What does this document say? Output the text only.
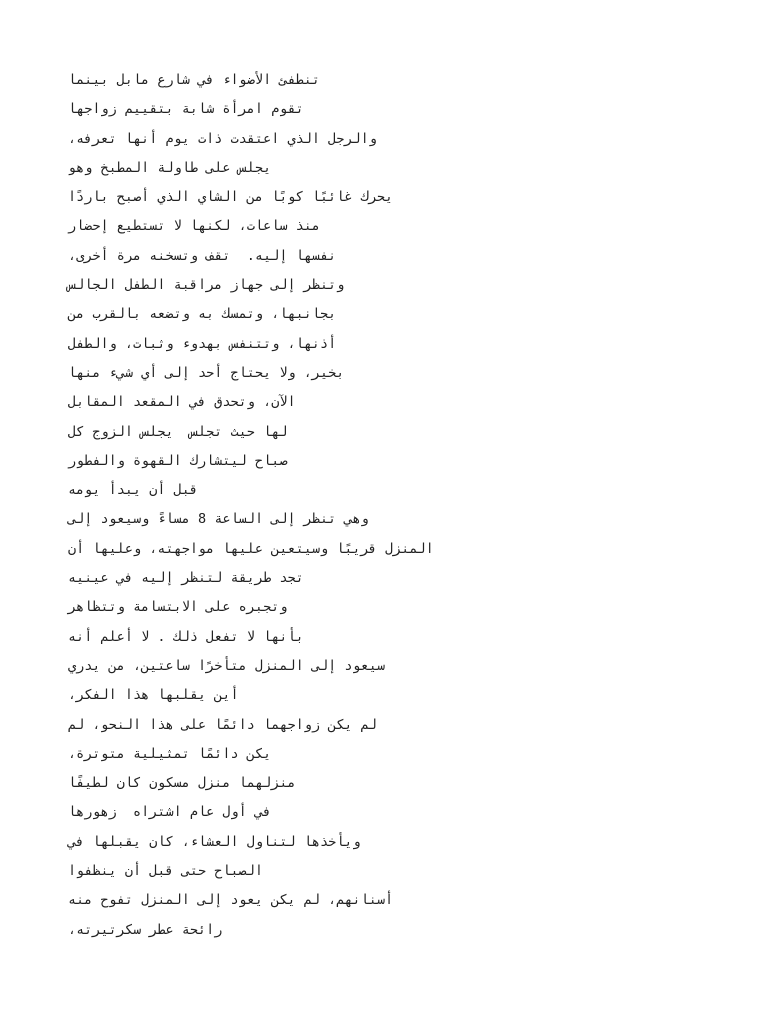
تنطفئ الأضواء في شارع مابل بينما
تقوم امرأة شابة بتقييم زواجها
والرجل الذي اعتقدت ذات يوم أنها تعرفه،
يجلس على طاولة المطبخ وهو
يحرك غائبًا كوبًا من الشاي الذي أصبح باردًا
منذ ساعات، لكنها لا تستطيع إحضار
نفسها إليه.  تقف وتسخنه مرة أخرى،
وتنظر إلى جهاز مراقبة الطفل الجالس
بجانبها، وتمسك به وتضعه بالقرب من
أذنها، وتتنفس بهدوء وثبات، والطفل
بخير، ولا يحتاج أحد إلى أي شيء منها
الآن، وتحدق في المقعد المقابل
لها حيث تجلس  يجلس الزوج كل
صباح ليتشارك القهوة والفطور
قبل أن يبدأ يومه
وهي تنظر إلى الساعة 8 مساءً وسيعود إلى
المنزل قريبًا وسيتعين عليها مواجهته، وعليها أن
تجد طريقة لتنظر إليه في عينيه
وتجبره على الابتسامة وتتظاهر
بأنها لا تفعل ذلك . لا أعلم أنه
سيعود إلى المنزل متأخرًا ساعتين، من يدري
أين يقلبها هذا الفكر،
لم يكن زواجهما دائمًا على هذا النحو، لم
يكن دائمًا تمثيلية متوترة،
منزلهما منزل مسكون كان لطيفًا
في أول عام اشتراه  زهورها
ويأخذها لتناول العشاء، كان يقبلها في
الصباح حتى قبل أن ينظفوا
أسنانهم، لم يكن يعود إلى المنزل تفوح منه
رائحة عطر سكرتيرته،
